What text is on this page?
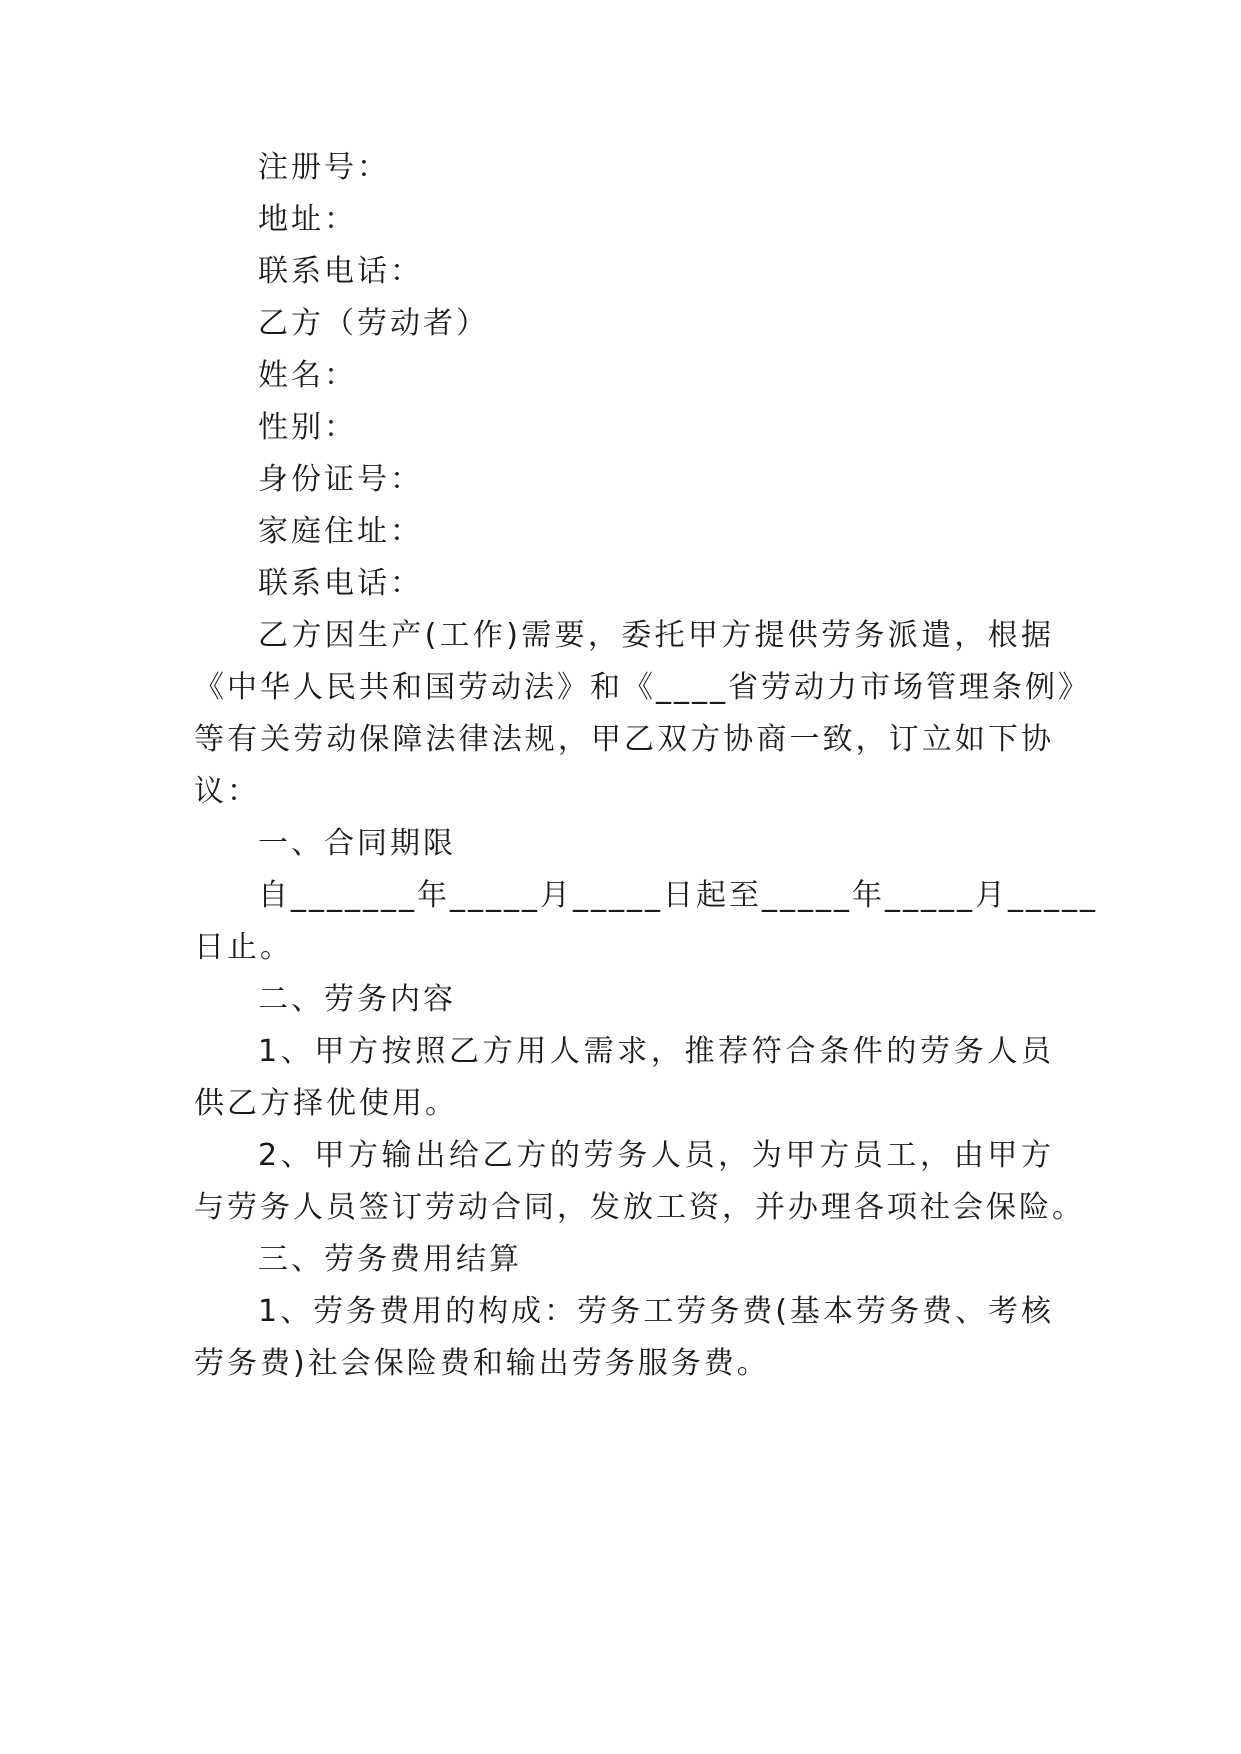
注册号：
地址：
联系电话：
乙方（劳动者）
姓名：
性别：
身份证号：
家庭住址：
联系电话：
乙方因生产(工作)需要，委托甲方提供劳务派遣，根据
《中华人民共和国劳动法》和《____省劳动力市场管理条例》
等有关劳动保障法律法规，甲乙双方协商一致，订立如下协
议：
一、合同期限
自_______年_____月_____日起至_____年_____月_____
日止。
二、劳务内容
1、甲方按照乙方用人需求，推荐符合条件的劳务人员
供乙方择优使用。
2、甲方输出给乙方的劳务人员，为甲方员工，由甲方
与劳务人员签订劳动合同，发放工资，并办理各项社会保险。
三、劳务费用结算
1、劳务费用的构成：劳务工劳务费(基本劳务费、考核
劳务费)社会保险费和输出劳务服务费。
